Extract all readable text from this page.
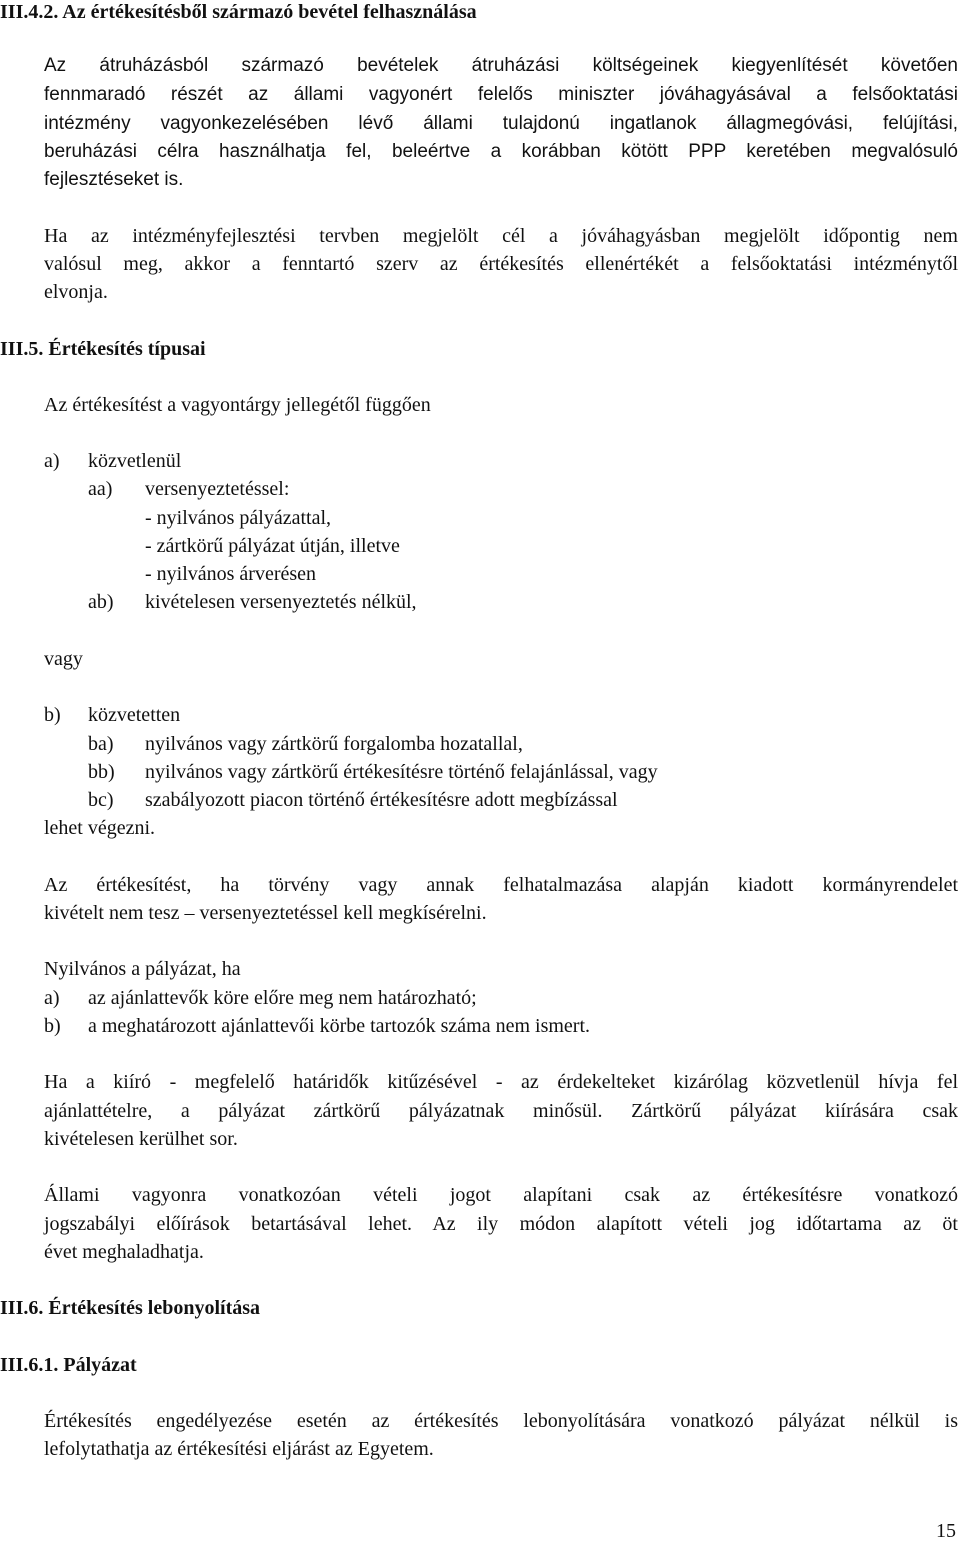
III.4.2. Az értékesítésből származó bevétel felhasználása
Az átruházásból származó bevételek átruházási költségeinek kiegyenlítését követően
fennmaradó részét az állami vagyonért felelős miniszter jóváhagyásával a felsőoktatási
intézmény vagyonkezelésében lévő állami tulajdonú ingatlanok állagmegóvási, felújítási,
beruházási célra használhatja fel, beleértve a korábban kötött PPP keretében megvalósuló
fejlesztéseket is.
Ha az intézményfejlesztési tervben megjelölt cél a jóváhagyásban megjelölt időpontig nem
valósul meg, akkor a fenntartó szerv az értékesítés ellenértékét a felsőoktatási intézménytől
elvonja.
III.5. Értékesítés típusai
Az értékesítést a vagyontárgy jellegétől függően
a) közvetlenül
aa) versenyeztetéssel:
- nyilvános pályázattal,
- zártkörű pályázat útján, illetve
- nyilvános árverésen
ab) kivételesen versenyeztetés nélkül,
vagy
b) közvetetten
ba) nyilvános vagy zártkörű forgalomba hozatallal,
bb) nyilvános vagy zártkörű értékesítésre történő felajánlással, vagy
bc) szabályozott piacon történő értékesítésre adott megbízással
lehet végezni.
Az értékesítést, ha törvény vagy annak felhatalmazása alapján kiadott kormányrendelet
kivételt nem tesz – versenyeztetéssel kell megkísérelni.
Nyilvános a pályázat, ha
a) az ajánlattevők köre előre meg nem határozható;
b) a meghatározott ajánlattevői körbe tartozók száma nem ismert.
Ha a kiíró - megfelelő határidők kitűzésével - az érdekelteket kizárólag közvetlenül hívja fel
ajánlattételre, a pályázat zártkörű pályázatnak minősül. Zártkörű pályázat kiírására csak
kivételesen kerülhet sor.
Állami vagyonra vonatkozóan vételi jogot alapítani csak az értékesítésre vonatkozó
jogszabályi előírások betartásával lehet. Az ily módon alapított vételi jog időtartama az öt
évet meghaladhatja.
III.6. Értékesítés lebonyolítása
III.6.1. Pályázat
Értékesítés engedélyezése esetén az értékesítés lebonyolítására vonatkozó pályázat nélkül is
lefolytathatja az értékesítési eljárást az Egyetem.
15
